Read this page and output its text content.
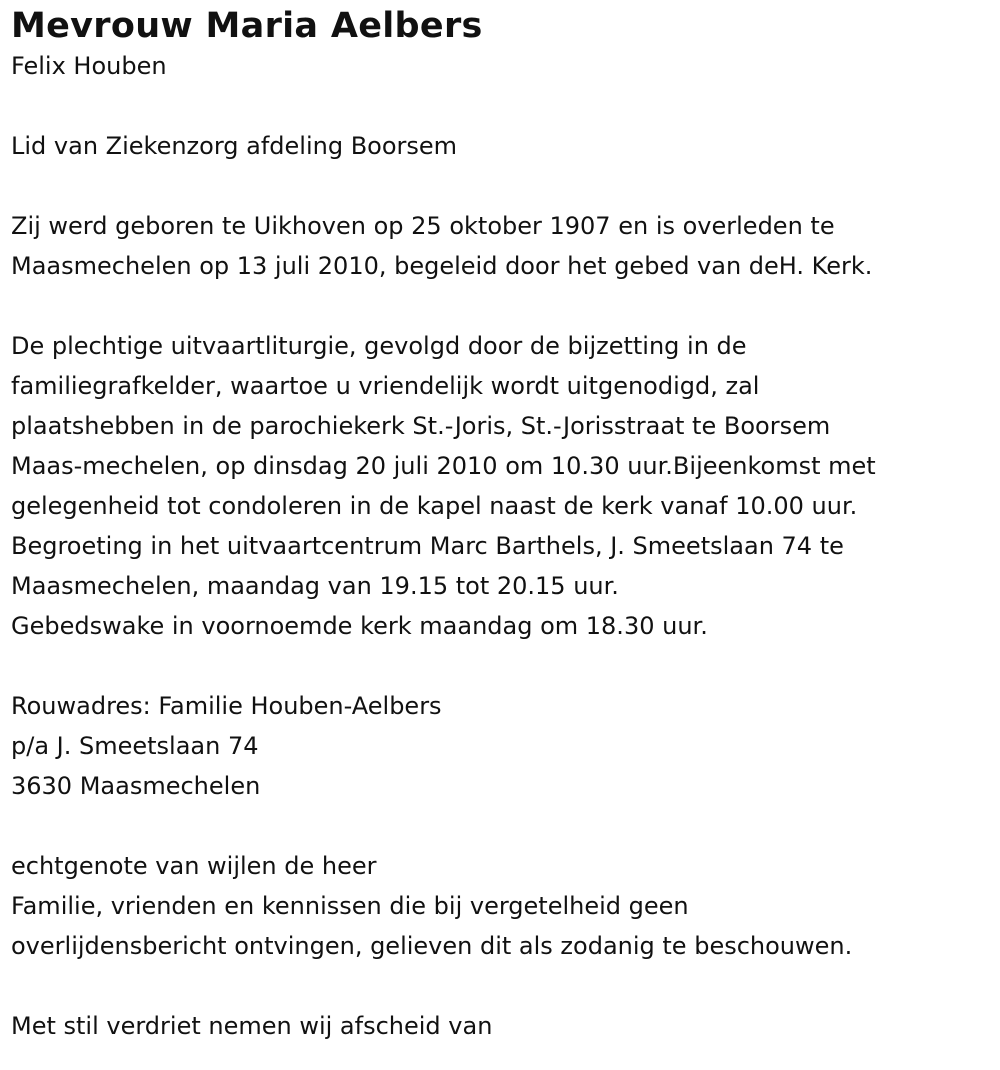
Mevrouw Maria Aelbers

Felix Houben

Lid van Ziekenzorg afdeling Boorsem

Zij werd geboren te Uikhoven op 25 oktober 1907 en is overleden te

Maasmechelen op 13 juli 2010, begeleid door het gebed van deH. Kerk.

De plechtige uitvaartliturgie, gevolgd door de bijzetting in de

familiegrafkelder, waartoe u vriendelijk wordt uitgenodigd, zal

plaatshebben in de parochiekerk St.-Joris, St.-Jorisstraat te Boorsem

Maas-mechelen, op dinsdag 20 juli 2010 om 10.30 uur.Bijeenkomst met

gelegenheid tot condoleren in de kapel naast de kerk vanaf 10.00 uur.

Begroeting in het uitvaartcentrum Marc Barthels, J. Smeetslaan 74 te

Maasmechelen, maandag van 19.15 tot 20.15 uur.

Gebedswake in voornoemde kerk maandag om 18.30 uur.

Rouwadres: Familie Houben-Aelbers

p/a J. Smeetslaan 74

3630 Maasmechelen

echtgenote van wijlen de heer

Familie, vrienden en kennissen die bij vergetelheid geen

overlijdensbericht ontvingen, gelieven dit als zodanig te beschouwen.

Met stil verdriet nemen wij afscheid van
